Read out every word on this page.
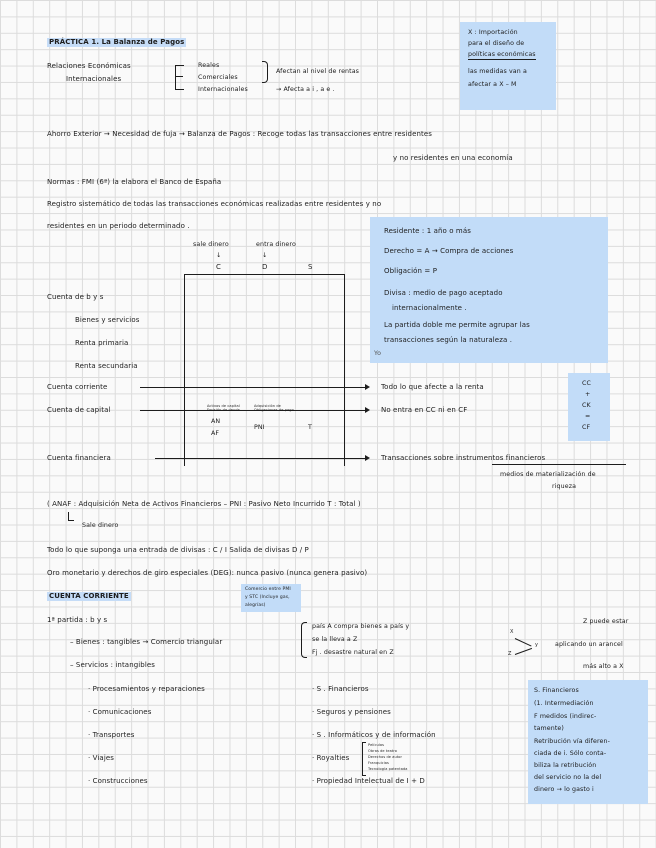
PRÁCTICA 1. La Balanza de Pagos
Relaciones Económicas
Internacionales
Reales
Comerciales
Internacionales
Afectan al nivel de rentas
→ Afecta a i , a e .
X : Importación
para el diseño de
políticas económicas
las medidas van a
afectar a X – M
Ahorro Exterior → Necesidad de fuja → Balanza de Pagos : Recoge todas las transacciones entre residentes
y no residentes en una economía
Normas : FMI (6ª) la elabora el Banco de España
Registro sistemático de todas las transacciones económicas realizadas entre residentes y no
residentes en un periodo determinado .
Residente : 1 año o más
Derecho = A → Compra de acciones
Obligación = P
Divisa : medio de pago aceptado
internacionalmente .
La partida doble me permite agrupar las
transacciones según la naturaleza .
Yo
sale dinero	entra dinero
↓	↓
C	D	S
Cuenta de b y s
Bienes y servicios
Renta primaria
Renta secundaria
Cuenta corriente
Cuenta de capital
Cuenta financiera
Activos de capital
Emisión de deuda
Adquisición de
Obligaciones de pago
AN
AF
PNI	T
Todo lo que afecte a la renta
No entra en CC ni en CF
Transacciones sobre instrumentos financieros
medios de materialización de
riqueza
CC
+
CK
=
CF
( ANAF : Adquisición Neta de Activos Financieros – PNI : Pasivo Neto Incurrido T : Total )
Sale dinero
Todo lo que suponga una entrada de divisas : C / I Salida de divisas D / P
Oro monetario y derechos de giro especiales (DEG): nunca pasivo (nunca genera pasivo)
CUENTA CORRIENTE
Comercio entre PMI
y STC (Incluye gas,
alegrías)
1ª partida : b y s
– Bienes : tangibles → Comercio triangular
– Servicios : intangibles
país A compra bienes a país y
se la lleva a Z
Fj . desastre natural en Z
X
Z
y
Z puede estar
aplicando un arancel
más alto a X
· Procesamientos y reparaciones
· Comunicaciones
· Transportes
· Viajes
· Construcciones
· S . Financieros
· Seguros y pensiones
· S . Informáticos y de información
· Royalties
· Propiedad Intelectual de I + D
Películas
Obras de teatro
Derechos de autor
Franquicias
Tecnología patentada
S. Financieros
(1. Intermediación
F medidos (indirec-
tamente)
Retribución vía diferen-
ciada de i. Sólo conta-
biliza la retribución
del servicio no la del
dinero → lo gasto i
